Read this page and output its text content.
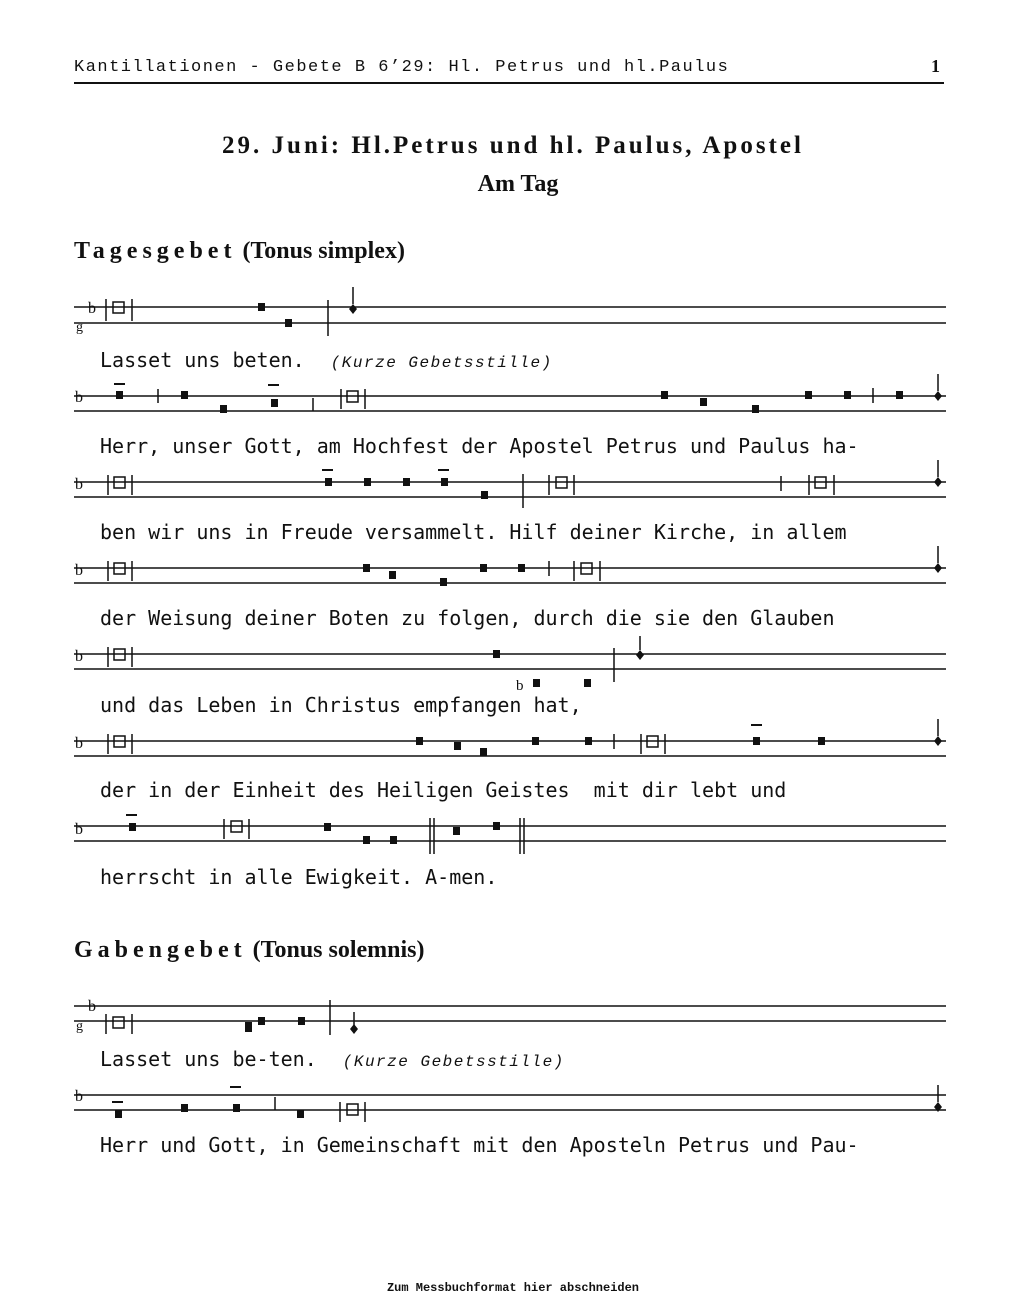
Kantillationen - Gebete B 6’29: Hl. Petrus und hl.Paulus	1
29. Juni: Hl.Petrus und hl. Paulus, Apostel
Am Tag
Tagesgebet (Tonus simplex)
b
g
b
b
b
b
b
b
b
b
g
b
Lasset uns beten. (Kurze Gebetsstille)
Herr, unser Gott, am Hochfest der Apostel Petrus und Paulus ha-
ben wir uns in Freude versammelt. Hilf deiner Kirche, in allem
der Weisung deiner Boten zu folgen, durch die sie den Glauben
und das Leben in Christus empfangen hat,
der in der Einheit des Heiligen Geistes  mit dir lebt und
herrscht in alle Ewigkeit. A-men.
Gabengebet (Tonus solemnis)
Lasset uns be-ten. (Kurze Gebetsstille)
Herr und Gott, in Gemeinschaft mit den Aposteln Petrus und Pau-
Zum Messbuchformat hier abschneiden
